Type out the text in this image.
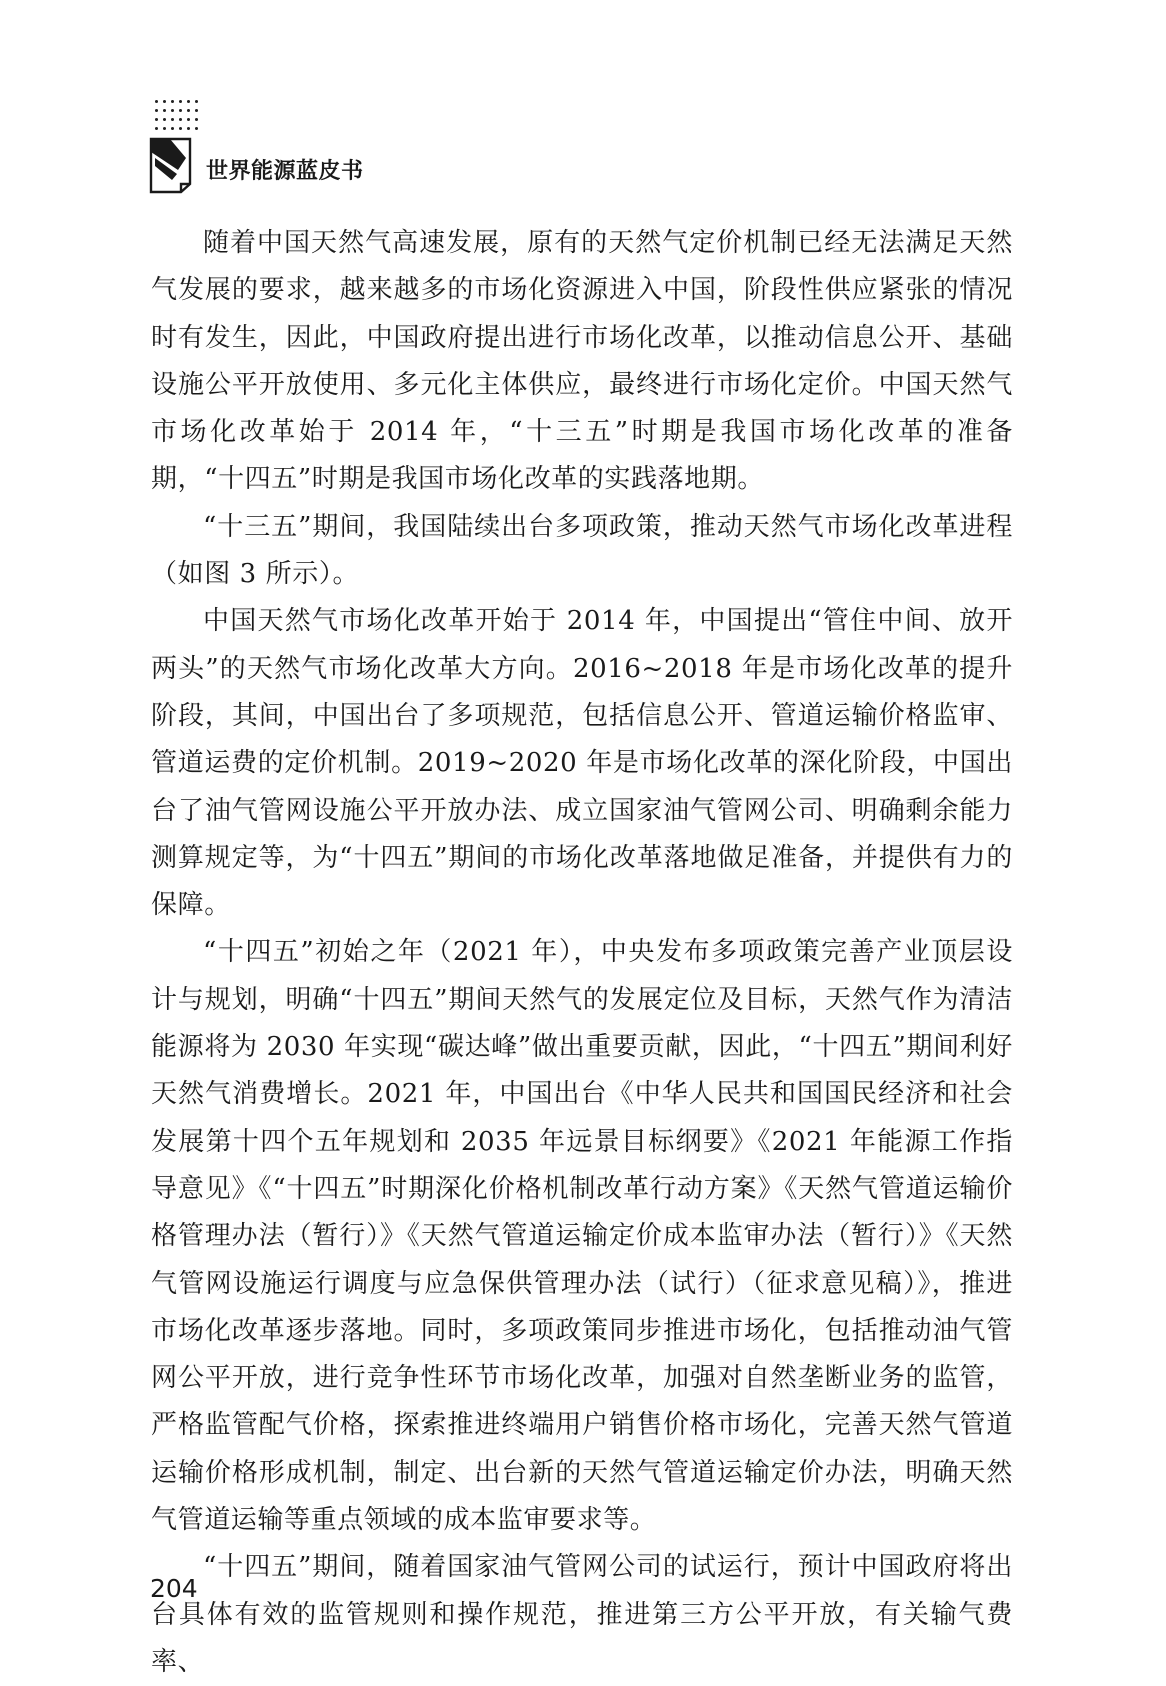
世界能源蓝皮书

随着中国天然气高速发展，原有的天然气定价机制已经无法满足天然气发展的要求，越来越多的市场化资源进入中国，阶段性供应紧张的情况时有发生，因此，中国政府提出进行市场化改革，以推动信息公开、基础设施公平开放使用、多元化主体供应，最终进行市场化定价。中国天然气市场化改革始于 2014 年，“十三五”时期是我国市场化改革的准备期，“十四五”时期是我国市场化改革的实践落地期。

“十三五”期间，我国陆续出台多项政策，推动天然气市场化改革进程（如图 3 所示）。

中国天然气市场化改革开始于 2014 年，中国提出“管住中间、放开两头”的天然气市场化改革大方向。2016~2018 年是市场化改革的提升阶段，其间，中国出台了多项规范，包括信息公开、管道运输价格监审、管道运费的定价机制。2019~2020 年是市场化改革的深化阶段，中国出台了油气管网设施公平开放办法、成立国家油气管网公司、明确剩余能力测算规定等，为“十四五”期间的市场化改革落地做足准备，并提供有力的保障。

“十四五”初始之年（2021 年），中央发布多项政策完善产业顶层设计与规划，明确“十四五”期间天然气的发展定位及目标，天然气作为清洁能源将为 2030 年实现“碳达峰”做出重要贡献，因此，“十四五”期间利好天然气消费增长。2021 年，中国出台《中华人民共和国国民经济和社会发展第十四个五年规划和 2035 年远景目标纲要》《2021 年能源工作指导意见》《“十四五”时期深化价格机制改革行动方案》《天然气管道运输价格管理办法（暂行）》《天然气管道运输定价成本监审办法（暂行）》《天然气管网设施运行调度与应急保供管理办法（试行）（征求意见稿）》，推进市场化改革逐步落地。同时，多项政策同步推进市场化，包括推动油气管网公平开放，进行竞争性环节市场化改革，加强对自然垄断业务的监管，严格监管配气价格，探索推进终端用户销售价格市场化，完善天然气管道运输价格形成机制，制定、出台新的天然气管道运输定价办法，明确天然气管道运输等重点领域的成本监审要求等。

“十四五”期间，随着国家油气管网公司的试运行，预计中国政府将出台具体有效的监管规则和操作规范，推进第三方公平开放，有关输气费率、

204
